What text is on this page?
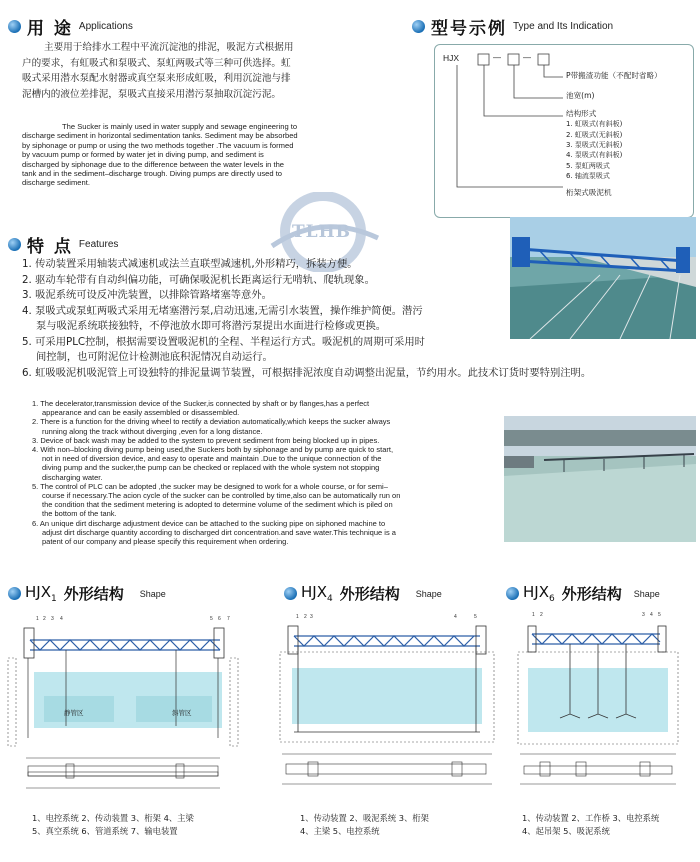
用 途 Applications
主要用于给排水工程中平流沉淀池的排泥，吸泥方式根据用
户的要求，有虹吸式和泵吸式、泵虹两吸式等三种可供选择。虹
吸式采用潜水泵配水射器或真空泵来形成虹吸，利用沉淀池与排
泥槽内的液位差排泥，泵吸式直接采用潜污泵抽取沉淀污泥。
The Sucker is mainly used in water supply and sewage engineering to
discharge sediment in horizontal sedimentation tanks. Sediment may be absorbed
by siphonage or pump or using the two methods together .The vacuum is formed
by vacuum pump or formed by water jet in diving pump, and sediment is
discharged by siphonage due to the difference between the water levels in the
tank and in the sediment–discharge trough. Diving pumps are directly used to
discharge sediment.
型号示例 Type and Its Indication
HJX	—	—
P带搬渣功能（不配时省略）
池宽(m)
结构形式
1. 虹吸式(有斜板)
2. 虹吸式(无斜板)
3. 泵吸式(无斜板)
4. 泵吸式(有斜板)
5. 泵虹两吸式
6. 轴流泵吸式
桁架式吸泥机
TLHB
特 点 Features
1. 传动装置采用轴装式减速机或法兰直联型减速机,外形精巧，拆装方便。
2. 驱动车轮带有自动纠偏功能，可确保吸泥机长距离运行无啃轨、爬轨现象。
3. 吸泥系统可设反冲洗装置，以排除管路堵塞等意外。
4. 泵吸式或泵虹两吸式采用无堵塞潜污泵,启动迅速,无需引水装置，操作维护简便。潜污
泵与吸泥系统联接独特，不停池放水即可将潜污泵提出水面进行检修或更换。
5. 可采用PLC控制，根据需要设置吸泥机的全程、半程运行方式。吸泥机的周期可采用时
间控制，也可附泥位计检测池底积泥情况自动运行。
6. 虹吸吸泥机吸泥管上可设独特的排泥量调节装置，可根据排泥浓度自动调整出泥量，节约用水。此技术订货时要特别注明。
1. The decelerator,transmission device of the Sucker,is connected by shaft or by flanges,has a perfect
appearance and can be easily assembled or disassembled.
2. There is a function for the driving wheel to rectify a deviation automatically,which keeps the sucker always
running along the track without diverging ,even for a long distance.
3. Device of back wash may be added to the system to prevent sediment from being blocked up in pipes.
4. With non–blocking diving pump being used,the Suckers both by siphonage and by pump are quick to start,
not in need of diversion device, and easy to operate and maintain .Due to the unique connection of the
diving pump and the sucker,the pump can be checked or replaced with the whole system not stopping
discharging water.
5. The control of PLC can be adopted ,the sucker may be designed to work for a whole course, or for semi–
course if necessary.The acion cycle of the sucker can be controlled by time,also can be automatically run on
the condition that the sediment metering is adopted to determine volume of the sediment which is piled on
the bottom of the tank.
6. An unique dirt discharge adjustment device can be attached to the sucking pipe on siphoned machine to
adjust dirt discharge quantity according to discharged dirt concentration.and save water.This technique is a
patent of our company and please specify this requirement when ordering.
$HJX_1$ 外形结构 Shape	$HJX_4$ 外形结构 Shape	$HJX_6$ 外形结构 Shape
1 2 3 4	5 6 7	1 2 3	4	5	1 2	3 4 5
静管区	斜管区
1、电控系统 2、传动装置 3、桁架 4、主梁
5、真空系统 6、管道系统 7、输电装置
1、传动装置 2、吸泥系统 3、桁架
4、主梁 5、电控系统
1、传动装置 2、工作桥 3、电控系统
4、起吊架 5、吸泥系统
